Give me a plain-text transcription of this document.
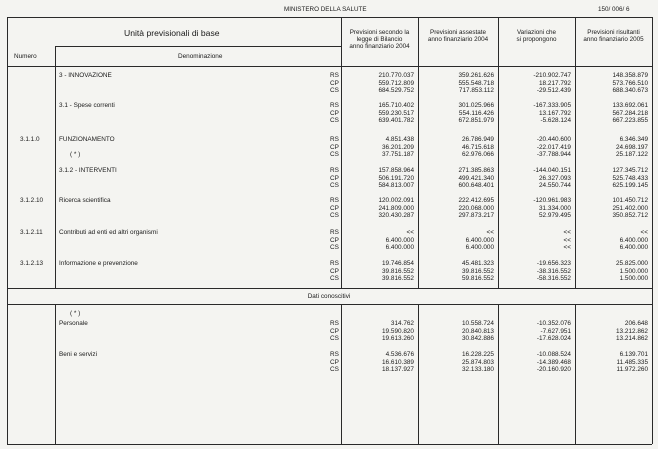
MINISTERO DELLA SALUTE	150/ 006/ 6
Unità previsionali di base
Numero	Denominazione
Previsioni secondo la
legge di Bilancio
anno finanziario 2004
Previsioni assestate
anno finanziario 2004
Variazioni che
si propongono
Previsioni risultanti
anno finanziario 2005
3 - INNOVAZIONE	RS	210.770.037	359.261.626	-210.902.747	148.358.879
CP	559.712.809	555.548.718	18.217.792	573.766.510
CS	684.529.752	717.853.112	-29.512.439	688.340.673
3.1 - Spese correnti	RS	165.710.402	301.025.966	-167.333.905	133.692.061
CP	559.230.517	554.116.426	13.167.792	567.284.218
CS	639.401.782	672.851.979	-5.628.124	667.223.855
3.1.1.0	FUNZIONAMENTO
( * )
RS	4.851.438	26.786.949	-20.440.600	6.346.349
CP	36.201.209	46.715.618	-22.017.419	24.698.197
CS	37.751.187	62.976.066	-37.788.944	25.187.122
3.1.2 - INTERVENTI	RS	157.858.964	271.385.863	-144.040.151	127.345.712
CP	506.191.720	499.421.340	26.327.093	525.748.433
CS	584.813.007	600.648.401	24.550.744	625.199.145
3.1.2.10 Ricerca scientifica	RS	120.002.091	222.412.695	-120.961.983	101.450.712
CP	241.809.000	220.068.000	31.334.000	251.402.000
CS	320.430.287	297.873.217	52.979.495	350.852.712
3.1.2.11	Contributi ad enti ed altri organismi	RS	<<	<<	<<	<<
CP	6.400.000	6.400.000	<<	6.400.000
CS	6.400.000	6.400.000	<<	6.400.000
3.1.2.13 Informazione e prevenzione	RS	19.746.854	45.481.323	-19.656.323	25.825.000
CP	39.816.552	39.816.552	-38.316.552	1.500.000
CS	39.816.552	59.816.552	-58.316.552	1.500.000
Dati conoscitivi
( * )
Personale	RS	314.762	10.558.724	-10.352.076	206.648
CP	19.590.820	20.840.813	-7.627.951	13.212.862
CS	19.613.260	30.842.886	-17.628.024	13.214.862
Beni e servizi	RS	4.536.676	16.228.225	-10.088.524	6.139.701
CP	16.610.389	25.874.803	-14.389.468	11.485.335
CS	18.137.927	32.133.180	-20.160.920	11.972.260
